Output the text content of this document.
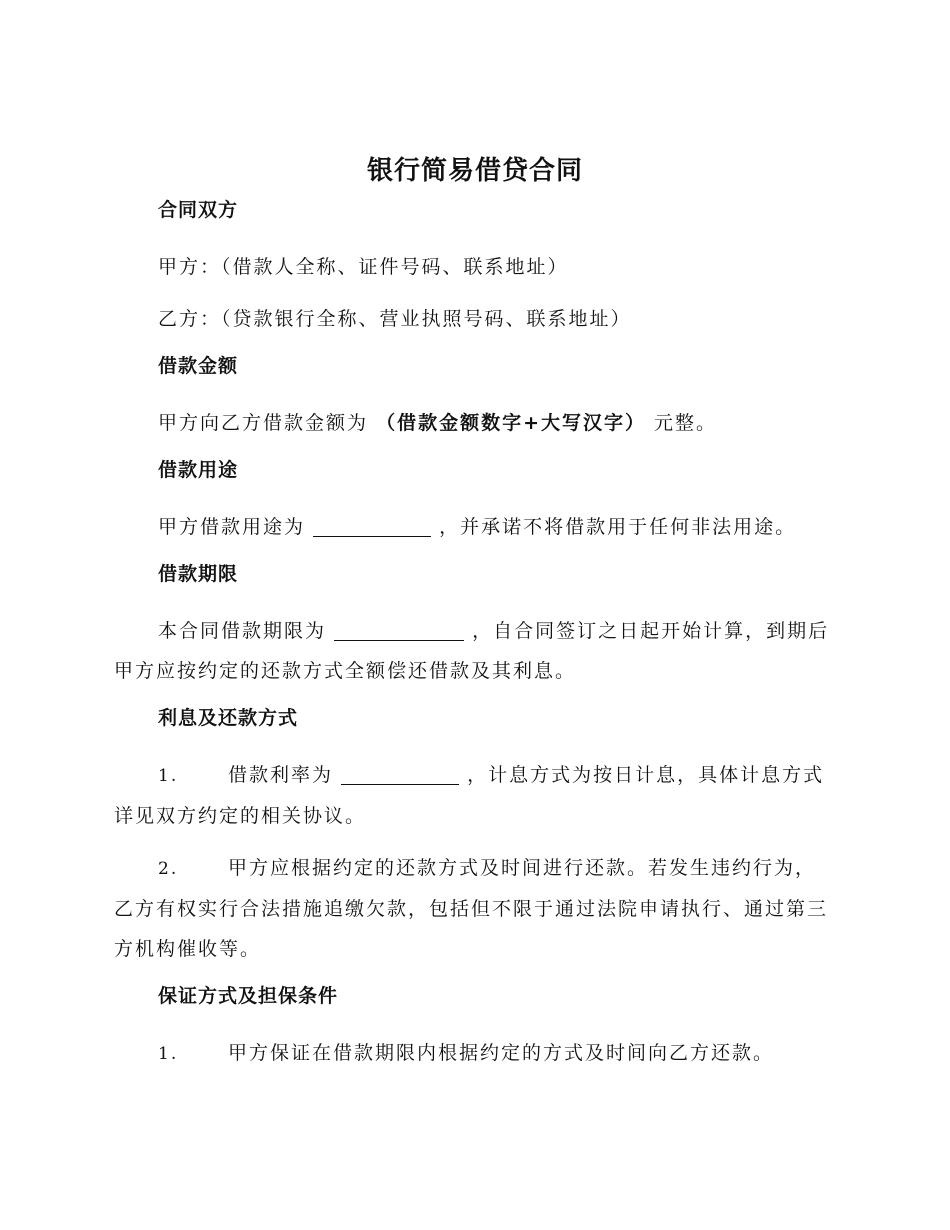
银行简易借贷合同
合同双方

甲方：（借款人全称、证件号码、联系地址）

乙方：（贷款银行全称、营业执照号码、联系地址）

借款金额

甲方向乙方借款金额为 （借款金额数字+大写汉字） 元整。

借款用途

甲方借款用途为	，并承诺不将借款用于任何非法用途。

借款期限

本合同借款期限为	，自合同签订之日起开始计算，到期后甲方应按约定的还款方式全额偿还借款及其利息。

利息及还款方式

1.	借款利率为	，计息方式为按日计息，具体计息方式详见双方约定的相关协议。

2.	甲方应根据约定的还款方式及时间进行还款。若发生违约行为，乙方有权实行合法措施追缴欠款，包括但不限于通过法院申请执行、通过第三方机构催收等。

保证方式及担保条件

1.	甲方保证在借款期限内根据约定的方式及时间向乙方还款。
